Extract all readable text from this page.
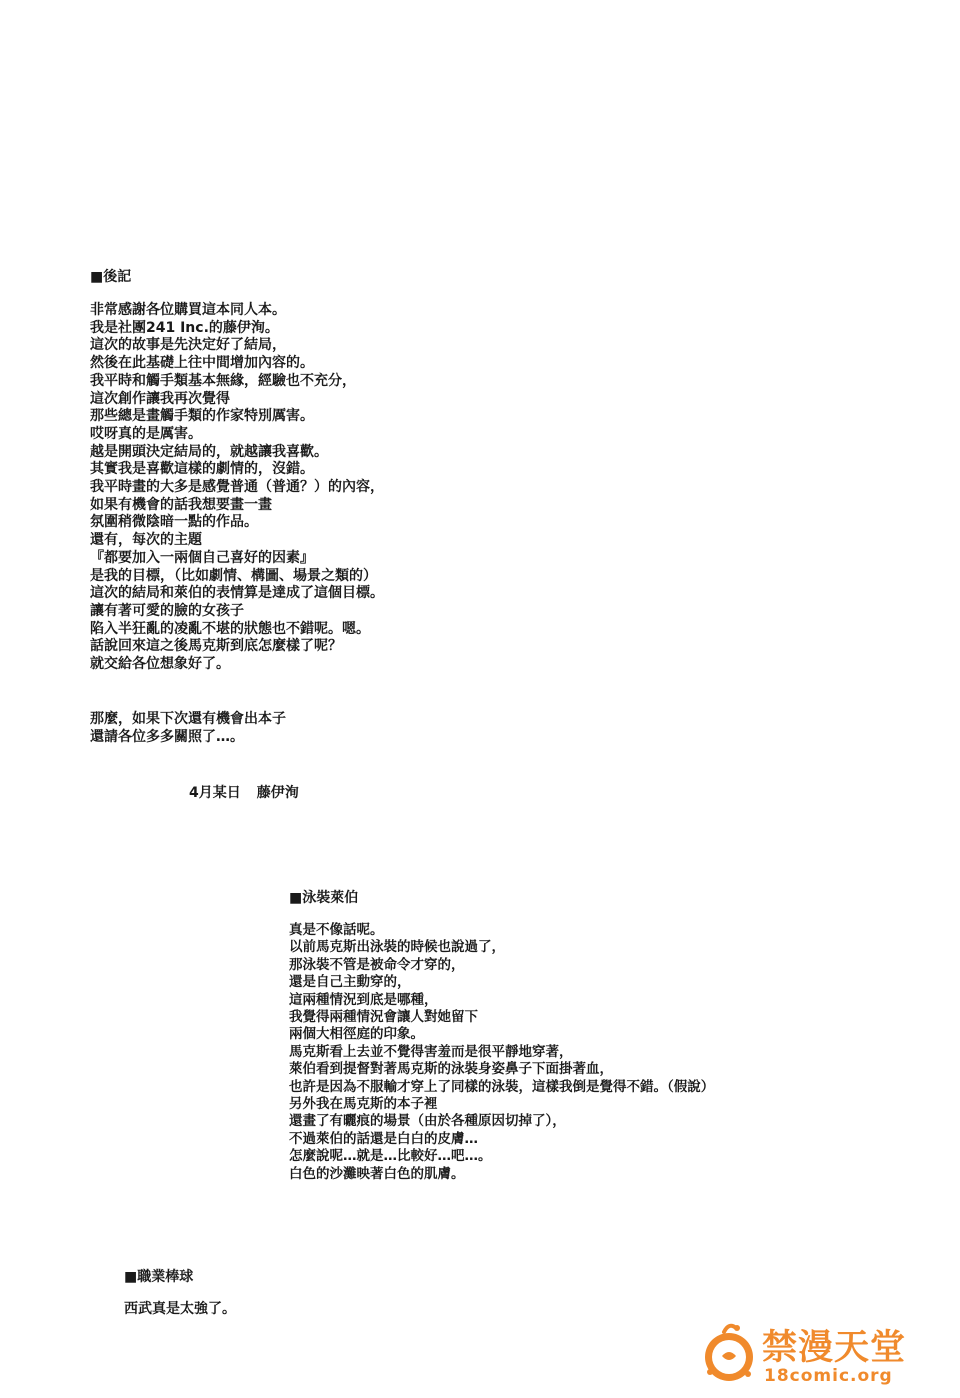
■後記
非常感謝各位購買這本同人本。
我是社團241 Inc.的藤伊洵。
這次的故事是先決定好了結局，
然後在此基礎上往中間增加內容的。
我平時和觸手類基本無緣，經驗也不充分，
這次創作讓我再次覺得
那些總是畫觸手類的作家特別厲害。
哎呀真的是厲害。
越是開頭決定結局的，就越讓我喜歡。
其實我是喜歡這樣的劇情的，沒錯。
我平時畫的大多是感覺普通（普通？）的內容，
如果有機會的話我想要畫一畫
氛圍稍微陰暗一點的作品。
還有，每次的主題
『都要加入一兩個自己喜好的因素』
是我的目標，（比如劇情、構圖、場景之類的）
這次的結局和萊伯的表情算是達成了這個目標。
讓有著可愛的臉的女孩子
陷入半狂亂的凌亂不堪的狀態也不錯呢。嗯。
話說回來這之後馬克斯到底怎麼樣了呢？
就交給各位想象好了。
那麼，如果下次還有機會出本子
還請各位多多關照了…。
4月某日 藤伊洵
■泳裝萊伯
真是不像話呢。
以前馬克斯出泳裝的時候也說過了，
那泳裝不管是被命令才穿的，
還是自己主動穿的，
這兩種情況到底是哪種，
我覺得兩種情況會讓人對她留下
兩個大相徑庭的印象。
馬克斯看上去並不覺得害羞而是很平靜地穿著，
萊伯看到提督對著馬克斯的泳裝身姿鼻子下面掛著血，
也許是因為不服輸才穿上了同樣的泳裝，這樣我倒是覺得不錯。（假說）
另外我在馬克斯的本子裡
還畫了有曬痕的場景（由於各種原因切掉了），
不過萊伯的話還是白白的皮膚…
怎麼說呢…就是…比較好…吧…。
白色的沙灘映著白色的肌膚。
■職業棒球
西武真是太強了。
禁漫天堂
18comic.org
